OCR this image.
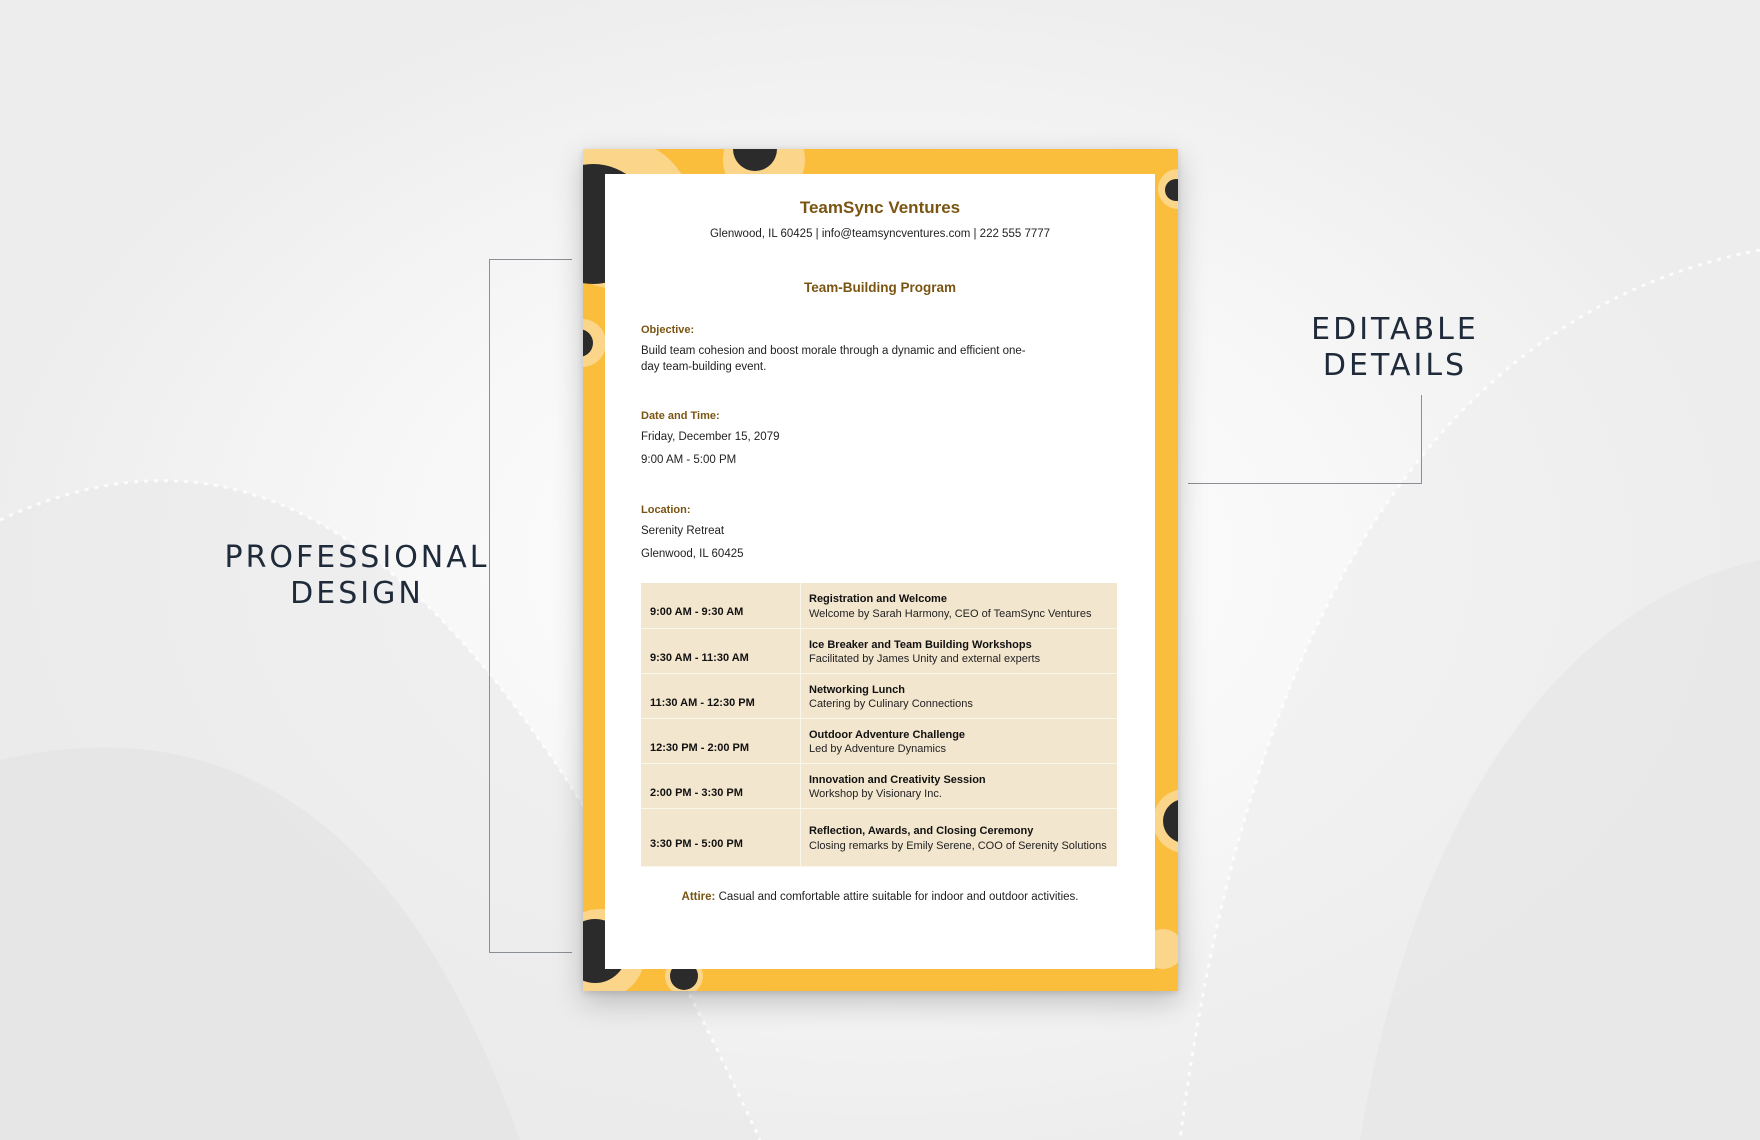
PROFESSIONAL
DESIGN
EDITABLE
DETAILS
TeamSync Ventures
Glenwood, IL 60425 | info@teamsyncventures.com | 222 555 7777
Team-Building Program
Objective:
Build team cohesion and boost morale through a dynamic and efficient one-
day team-building event.
Date and Time:
Friday, December 15, 2079
9:00 AM - 5:00 PM
Location:
Serenity Retreat
Glenwood, IL 60425
9:00 AM - 9:30 AM	Registration and Welcome
Welcome by Sarah Harmony, CEO of TeamSync Ventures

9:30 AM - 11:30 AM	Ice Breaker and Team Building Workshops
Facilitated by James Unity and external experts

11:30 AM - 12:30 PM	Networking Lunch
Catering by Culinary Connections

12:30 PM - 2:00 PM	Outdoor Adventure Challenge
Led by Adventure Dynamics

2:00 PM - 3:30 PM	Innovation and Creativity Session
Workshop by Visionary Inc.

3:30 PM - 5:00 PM	Reflection, Awards, and Closing Ceremony
Closing remarks by Emily Serene, COO of Serenity Solutions
Attire: Casual and comfortable attire suitable for indoor and outdoor activities.
